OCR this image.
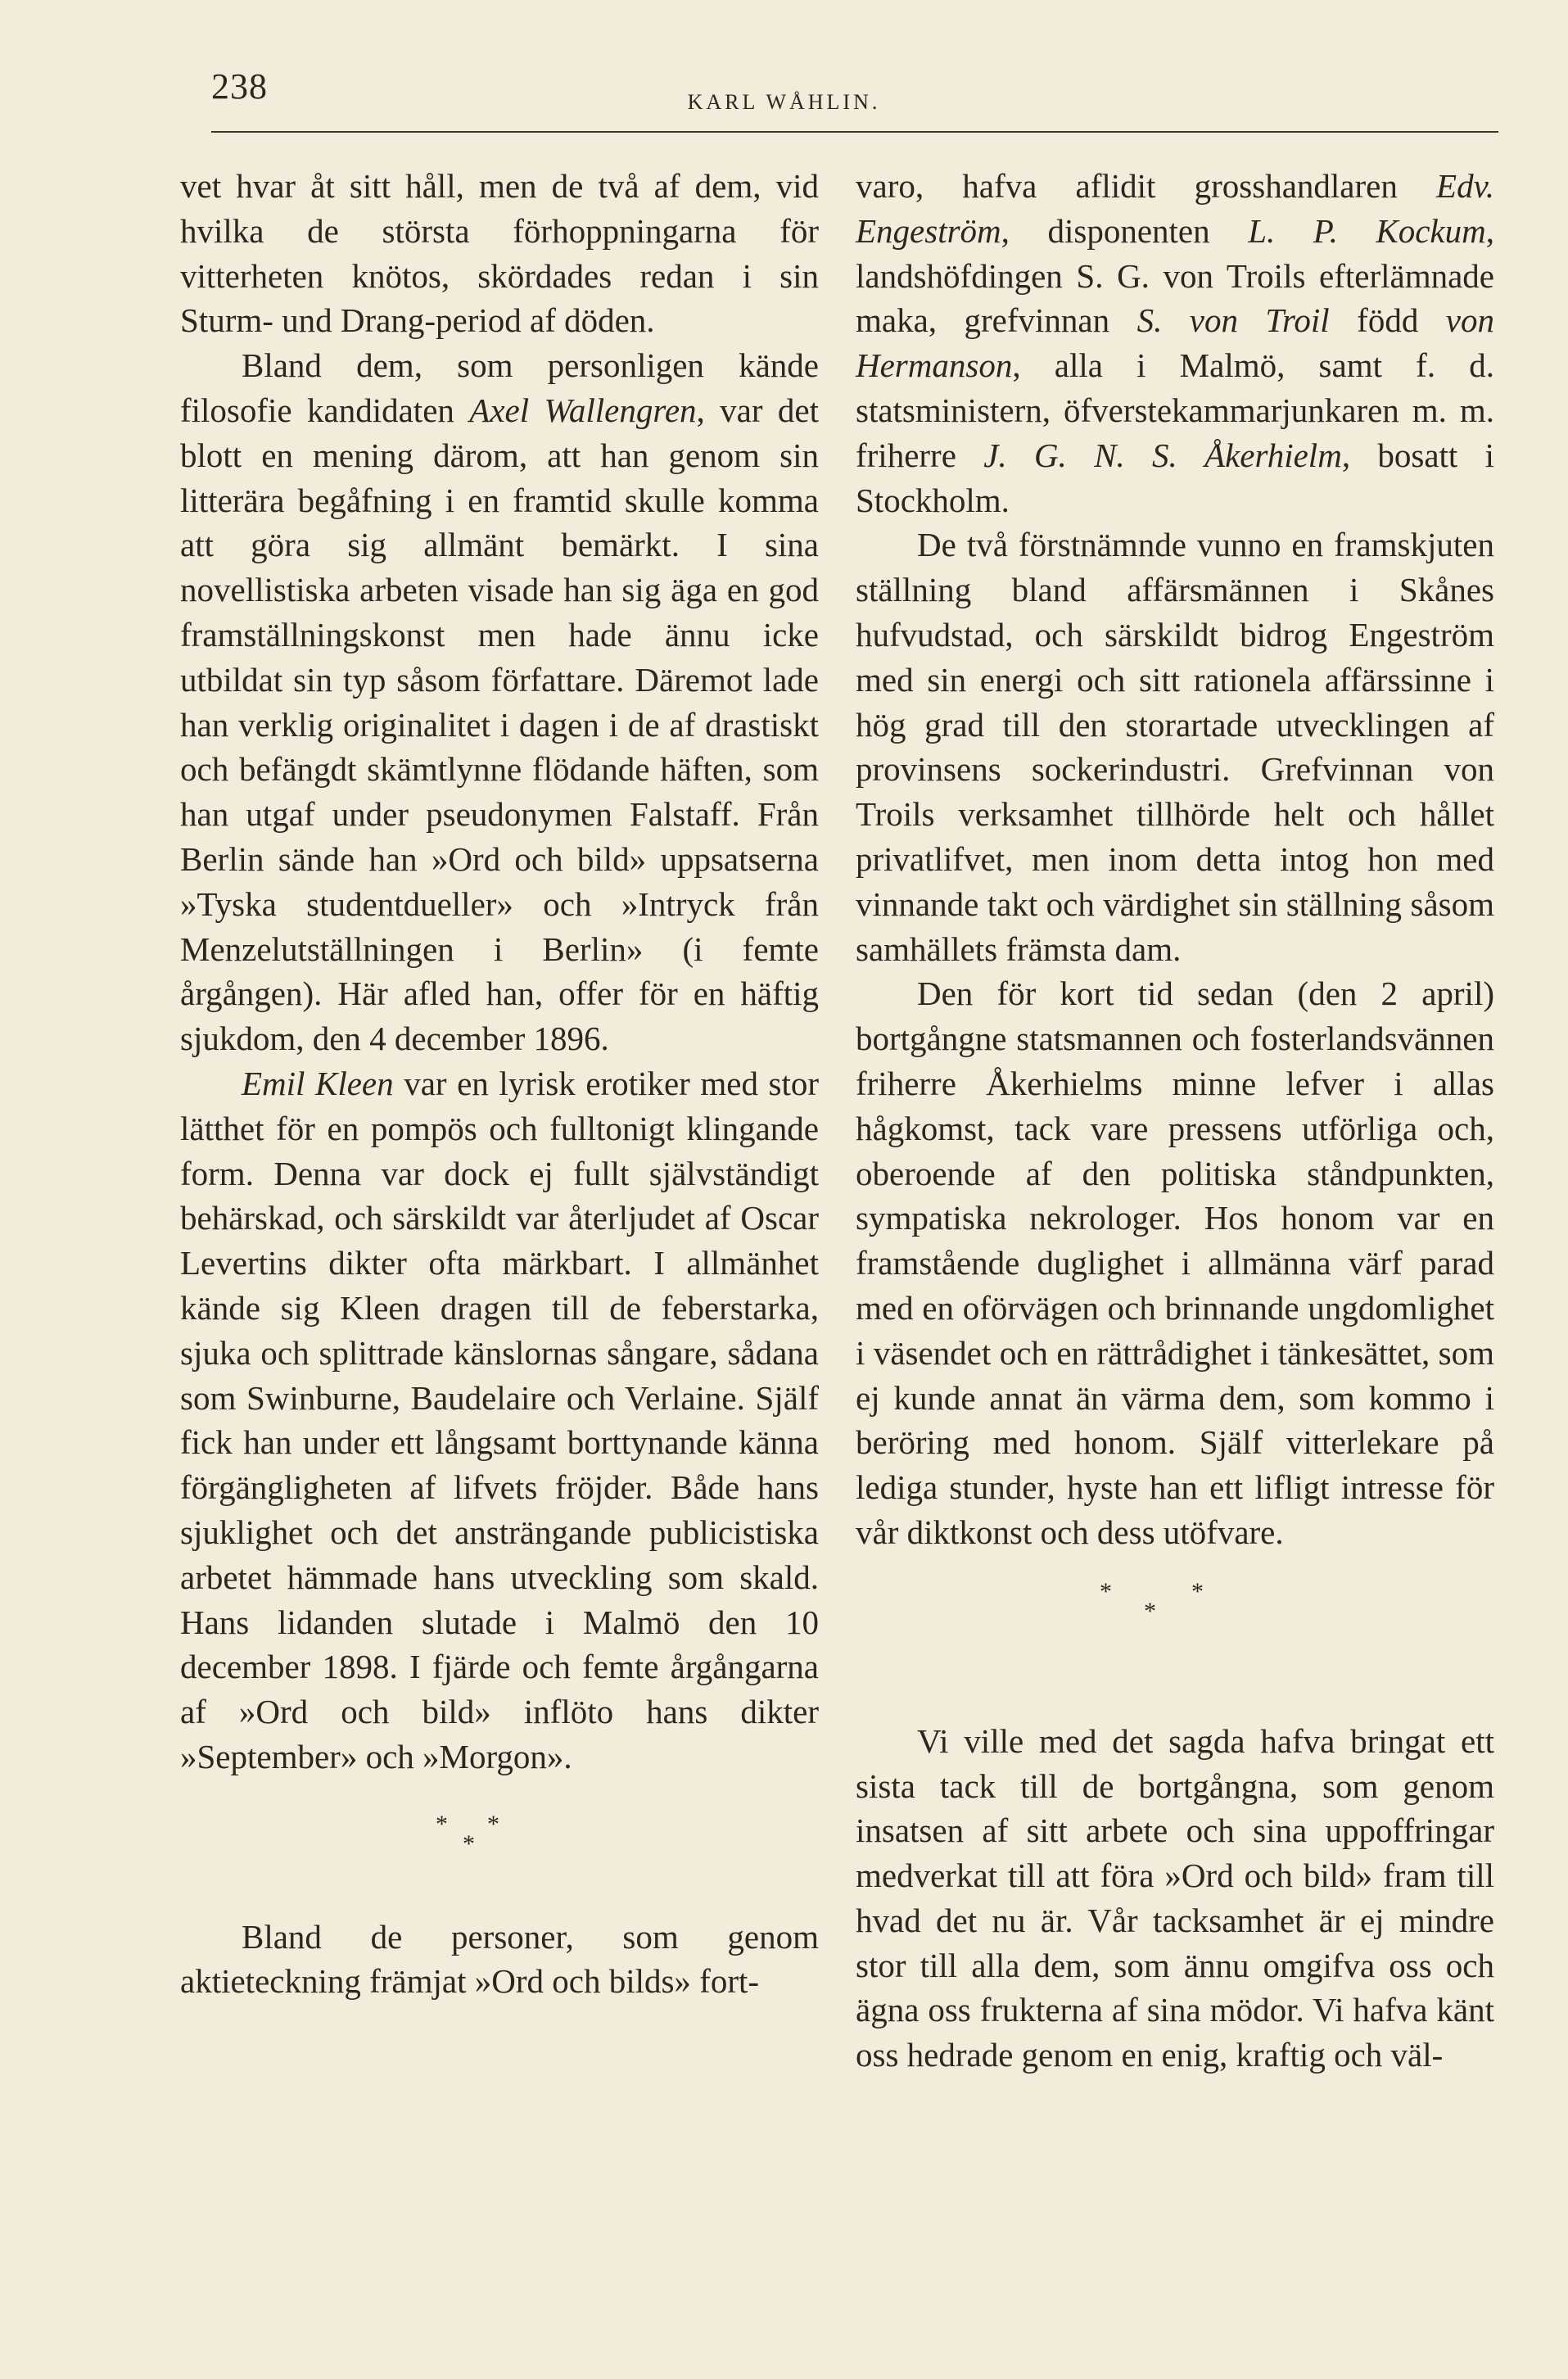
238	KARL WÅHLIN.

vet hvar åt sitt håll, men de två af dem, vid hvilka de största förhoppningarna för vitterheten knötos, skördades redan i sin Sturm- und Drang-period af döden.

Bland dem, som personligen kände filosofie kandidaten Axel Wallengren, var det blott en mening därom, att han genom sin litterära begåfning i en framtid skulle komma att göra sig allmänt bemärkt. I sina novellistiska arbeten visade han sig äga en god framställningskonst men hade ännu icke utbildat sin typ såsom författare. Däremot lade han verklig originalitet i dagen i de af drastiskt och befängdt skämtlynne flödande häften, som han utgaf under pseudonymen Falstaff. Från Berlin sände han »Ord och bild» uppsatserna »Tyska studentdueller» och »Intryck från Menzelutställningen i Berlin» (i femte årgången). Här afled han, offer för en häftig sjukdom, den 4 december 1896.

Emil Kleen var en lyrisk erotiker med stor lätthet för en pompös och fulltonigt klingande form. Denna var dock ej fullt självständigt behärskad, och särskildt var återljudet af Oscar Levertins dikter ofta märkbart. I allmänhet kände sig Kleen dragen till de feberstarka, sjuka och splittrade känslornas sångare, sådana som Swinburne, Baudelaire och Verlaine. Själf fick han under ett långsamt borttynande känna förgängligheten af lifvets fröjder. Både hans sjuklighet och det ansträngande publicistiska arbetet hämmade hans utveckling som skald. Hans lidanden slutade i Malmö den 10 december 1898. I fjärde och femte årgångarna af »Ord och bild» inflöto hans dikter »September» och »Morgon».

* *
*

Bland de personer, som genom aktieteckning främjat »Ord och bilds» fort-

varo, hafva aflidit grosshandlaren Edv. Engeström, disponenten L. P. Kockum, landshöfdingen S. G. von Troils efterlämnade maka, grefvinnan S. von Troil född von Hermanson, alla i Malmö, samt f. d. statsministern, öfverstekammarjunkaren m. m. friherre J. G. N. S. Åkerhielm, bosatt i Stockholm.

De två förstnämnde vunno en framskjuten ställning bland affärsmännen i Skånes hufvudstad, och särskildt bidrog Engeström med sin energi och sitt rationela affärssinne i hög grad till den storartade utvecklingen af provinsens sockerindustri. Grefvinnan von Troils verksamhet tillhörde helt och hållet privatlifvet, men inom detta intog hon med vinnande takt och värdighet sin ställning såsom samhällets främsta dam.

Den för kort tid sedan (den 2 april) bortgångne statsmannen och fosterlandsvännen friherre Åkerhielms minne lefver i allas hågkomst, tack vare pressens utförliga och, oberoende af den politiska ståndpunkten, sympatiska nekrologer. Hos honom var en framstående duglighet i allmänna värf parad med en oförvägen och brinnande ungdomlighet i väsendet och en rättrådighet i tänkesättet, som ej kunde annat än värma dem, som kommo i beröring med honom. Själf vitterlekare på lediga stunder, hyste han ett lifligt intresse för vår diktkonst och dess utöfvare.

*	*
*

Vi ville med det sagda hafva bringat ett sista tack till de bortgångna, som genom insatsen af sitt arbete och sina uppoffringar medverkat till att föra »Ord och bild» fram till hvad det nu är. Vår tacksamhet är ej mindre stor till alla dem, som ännu omgifva oss och ägna oss frukterna af sina mödor. Vi hafva känt oss hedrade genom en enig, kraftig och väl-
